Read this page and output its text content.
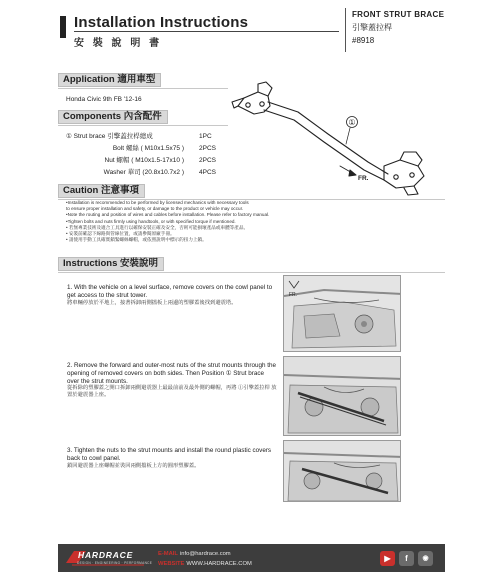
Installation Instructions
安 裝 說 明 書
FRONT STRUT BRACE
引擎蓋拉桿
#8918
Application 適用車型
Honda Civic 9th FB '12-16
Components 內含配件
① Strut brace 引擎蓋拉桿總成	1PC
Bolt 螺絲 ( M10x1.5x75 ) 2PCS
Nut 螺帽 ( M10x1.5-17x10 ) 2PCS
Washer 華司 (20.8x10.7x2 ) 4PCS
①
FR.
Caution 注意事項
•Installation is recommended to be performed by licensed mechanics with necessary tools
to ensure proper installation and safety, or damage to the product or vehicle may occur.
•Note the routing and position of wires and cables before installation. Please refer to factory manual.
•Tighten bolts and nuts firmly using handtools, or with specified torque if mentioned.
• 若無專業技術及適合工具進行以確保安裝正確及安全，否則可能損壞產品或車體等產品。
• 安裝前確認下線路與管線位置，或請參閱原廠手冊。
• 請使用手動工具確實鎖緊螺絲螺帽，或依照說明中標示的扭力上鎖。
Instructions 安裝說明
1. With the vehicle on a level surface, remove covers on the cowl panel to get access to the strut tower.
將車輛停放於平地上，接著拆卸兩側擋板上兩邊的塑膠蓋後找到避震塔。
2. Remove the forward and outer-most nuts of the strut mounts through the opening of removed covers on both sides. Then Position ① Strut brace over the strut mounts.
從拆除的塑膠蓋之開口拆卸兩側避震器上最最前前及最外側的螺帽，再將 ①引擎蓋拉桿 放置於避震器上座。
3. Tighten the nuts to the strut mounts and install the round plastic covers back to cowl panel.
鎖回避震器上座螺帽並裝回兩側擋板上方的圓形塑膠蓋。
FR.
HARDRACE
DESIGN · ENGINEERING · PERFORMANCE
E-MAIL info@hardrace.com
WEBSITE WWW.HARDRACE.COM
▶	f	◉
